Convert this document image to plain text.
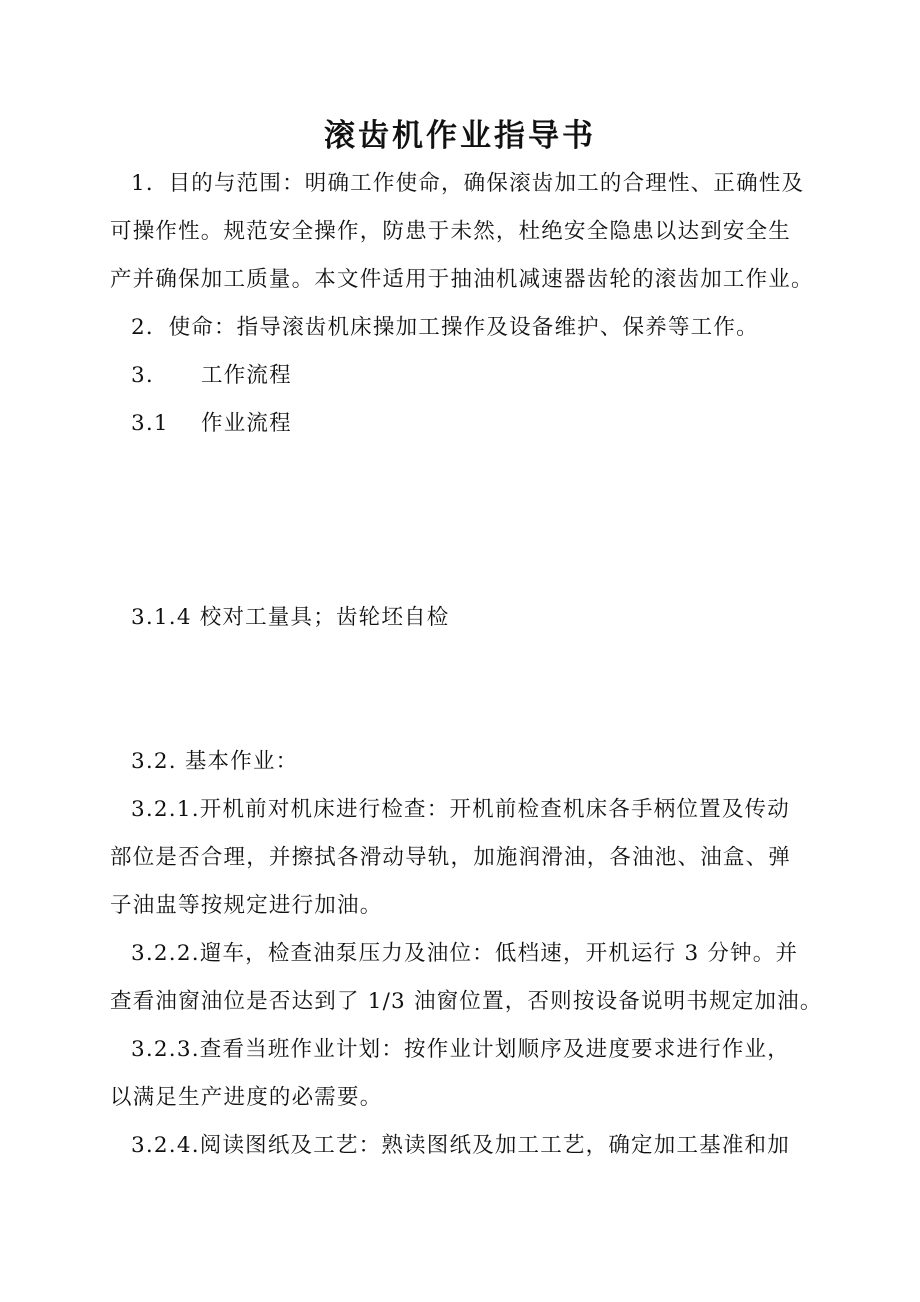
滚齿机作业指导书
1．目的与范围：明确工作使命，确保滚齿加工的合理性、正确性及
可操作性。规范安全操作，防患于未然，杜绝安全隐患以达到安全生
产并确保加工质量。本文件适用于抽油机减速器齿轮的滚齿加工作业。
2．使命：指导滚齿机床操加工操作及设备维护、保养等工作。
3. 工作流程
3.1 作业流程
3.1.4 校对工量具；齿轮坯自检
3.2. 基本作业：
3.2.1.开机前对机床进行检查：开机前检查机床各手柄位置及传动
部位是否合理，并擦拭各滑动导轨，加施润滑油，各油池、油盒、弹
子油盅等按规定进行加油。
3.2.2.遛车，检查油泵压力及油位：低档速，开机运行 3 分钟。并
查看油窗油位是否达到了 1/3 油窗位置，否则按设备说明书规定加油。
3.2.3.查看当班作业计划：按作业计划顺序及进度要求进行作业，
以满足生产进度的必需要。
3.2.4.阅读图纸及工艺：熟读图纸及加工工艺，确定加工基准和加
